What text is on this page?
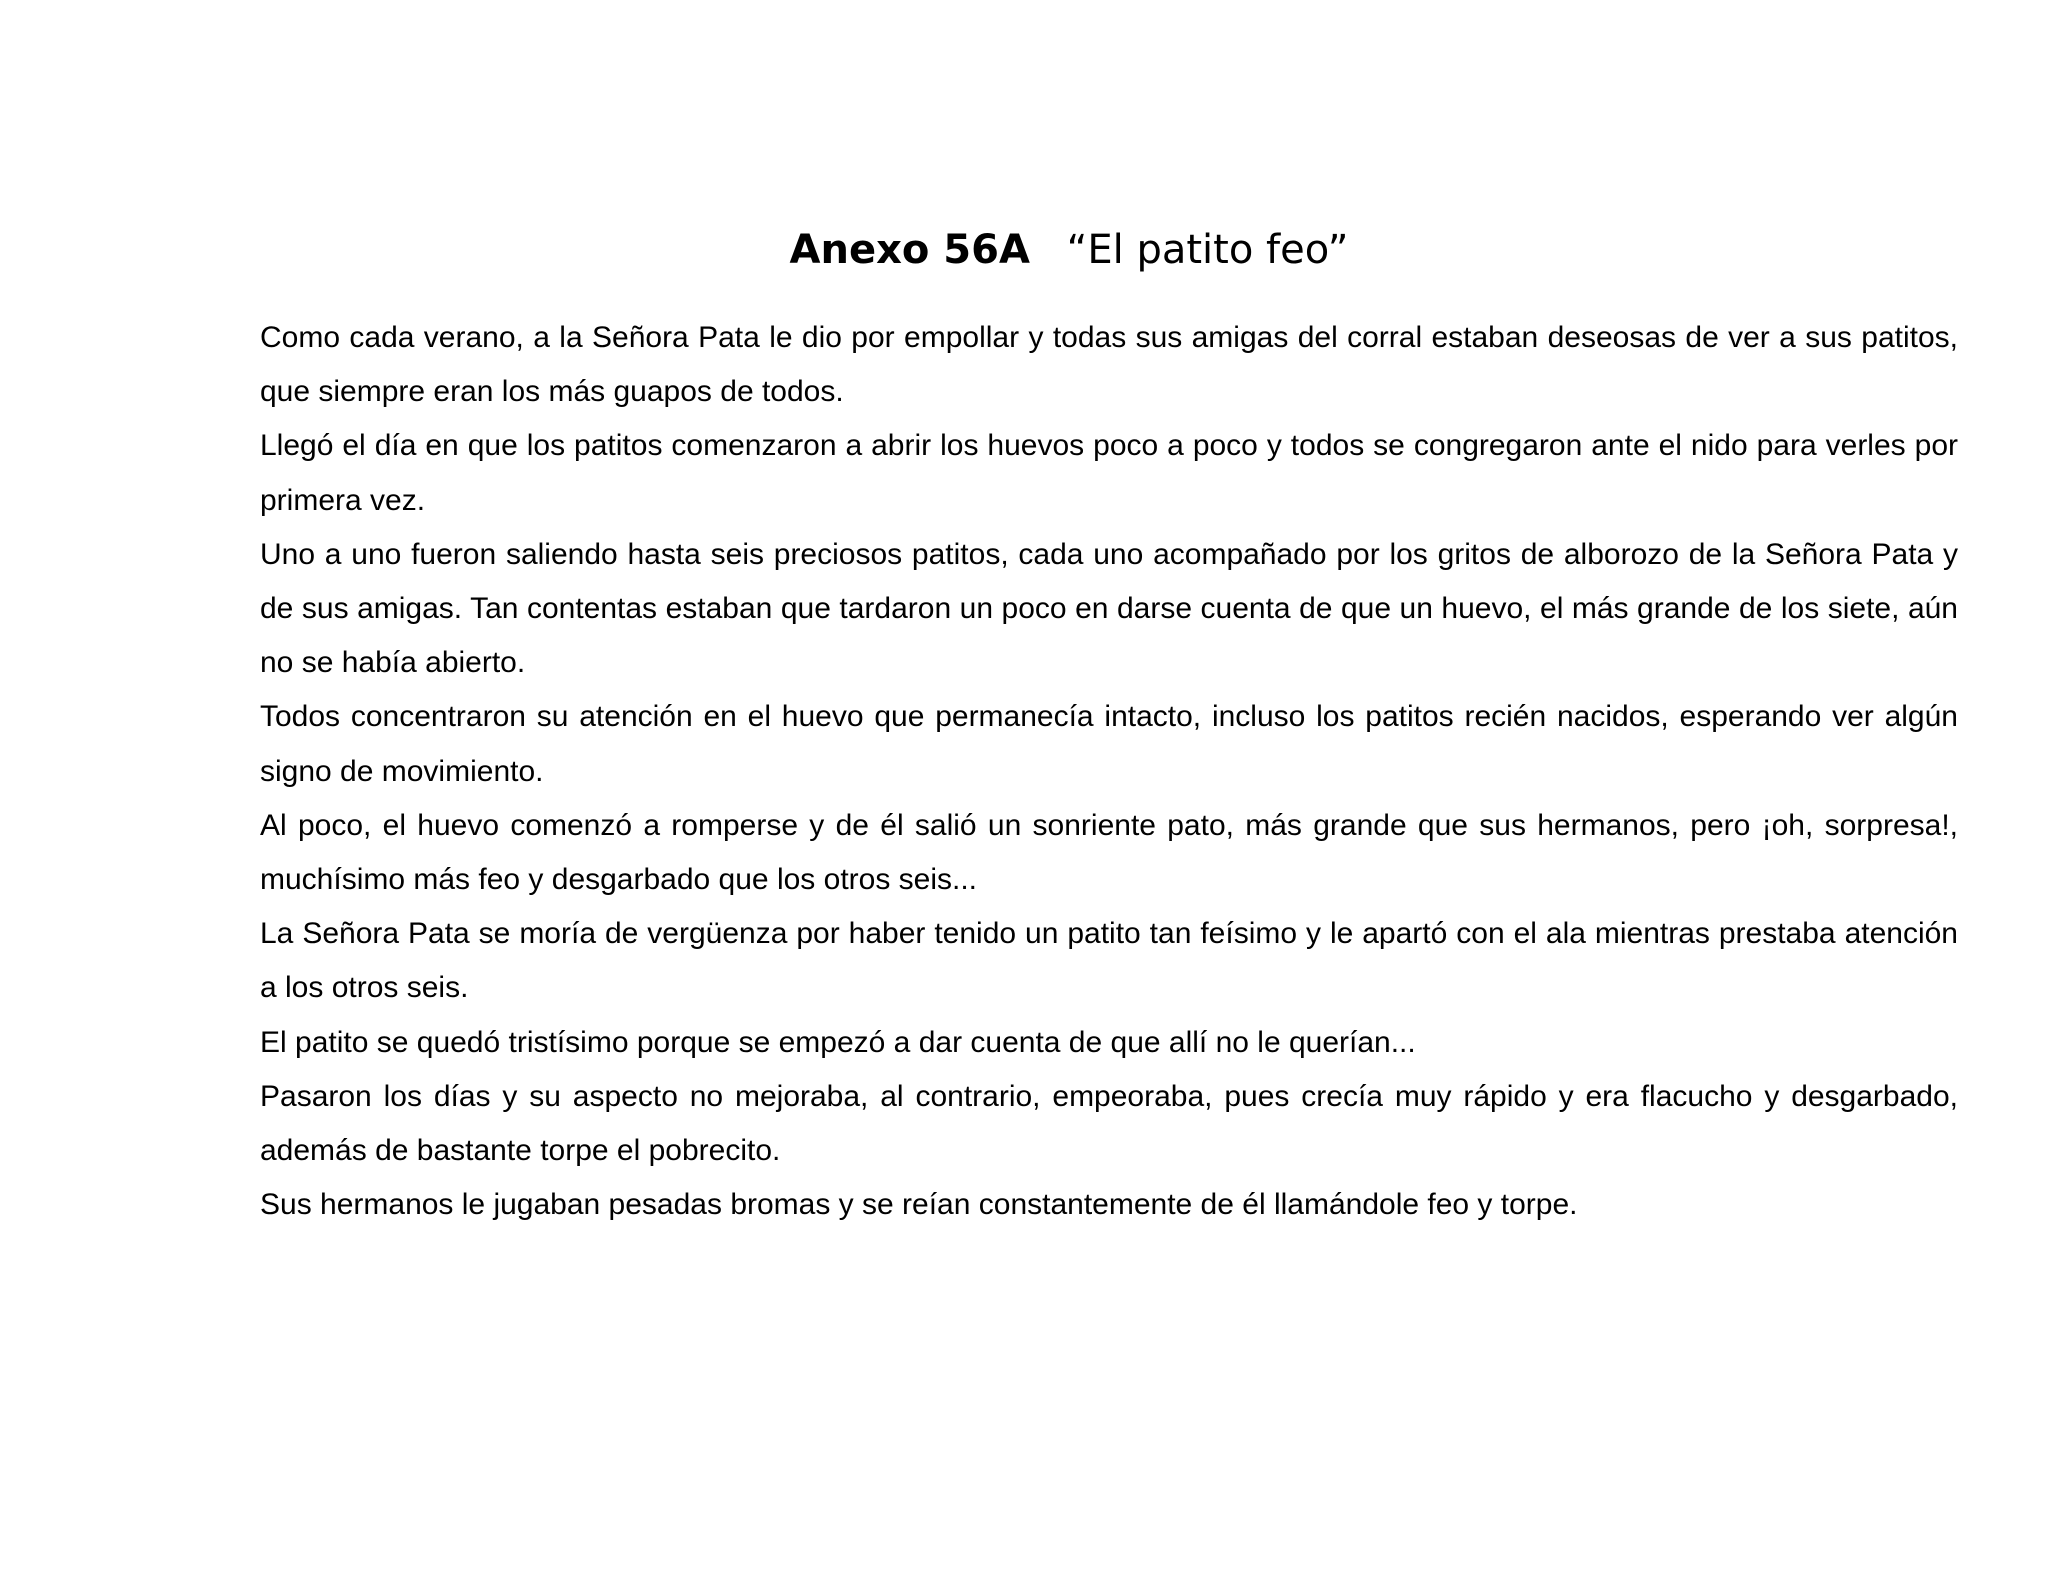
Anexo 56A “El patito feo”

Como cada verano, a la Señora Pata le dio por empollar y todas sus amigas del corral estaban deseosas de ver a sus patitos, que siempre eran los más guapos de todos.

Llegó el día en que los patitos comenzaron a abrir los huevos poco a poco y todos se congregaron ante el nido para verles por primera vez.

Uno a uno fueron saliendo hasta seis preciosos patitos, cada uno acompañado por los gritos de alborozo de la Señora Pata y de sus amigas. Tan contentas estaban que tardaron un poco en darse cuenta de que un huevo, el más grande de los siete, aún no se había abierto.

Todos concentraron su atención en el huevo que permanecía intacto, incluso los patitos recién nacidos, esperando ver algún signo de movimiento.

Al poco, el huevo comenzó a romperse y de él salió un sonriente pato, más grande que sus hermanos, pero ¡oh, sorpresa!, muchísimo más feo y desgarbado que los otros seis...

La Señora Pata se moría de vergüenza por haber tenido un patito tan feísimo y le apartó con el ala mientras prestaba atención a los otros seis.

El patito se quedó tristísimo porque se empezó a dar cuenta de que allí no le querían...

Pasaron los días y su aspecto no mejoraba, al contrario, empeoraba, pues crecía muy rápido y era flacucho y desgarbado, además de bastante torpe el pobrecito.

Sus hermanos le jugaban pesadas bromas y se reían constantemente de él llamándole feo y torpe.
